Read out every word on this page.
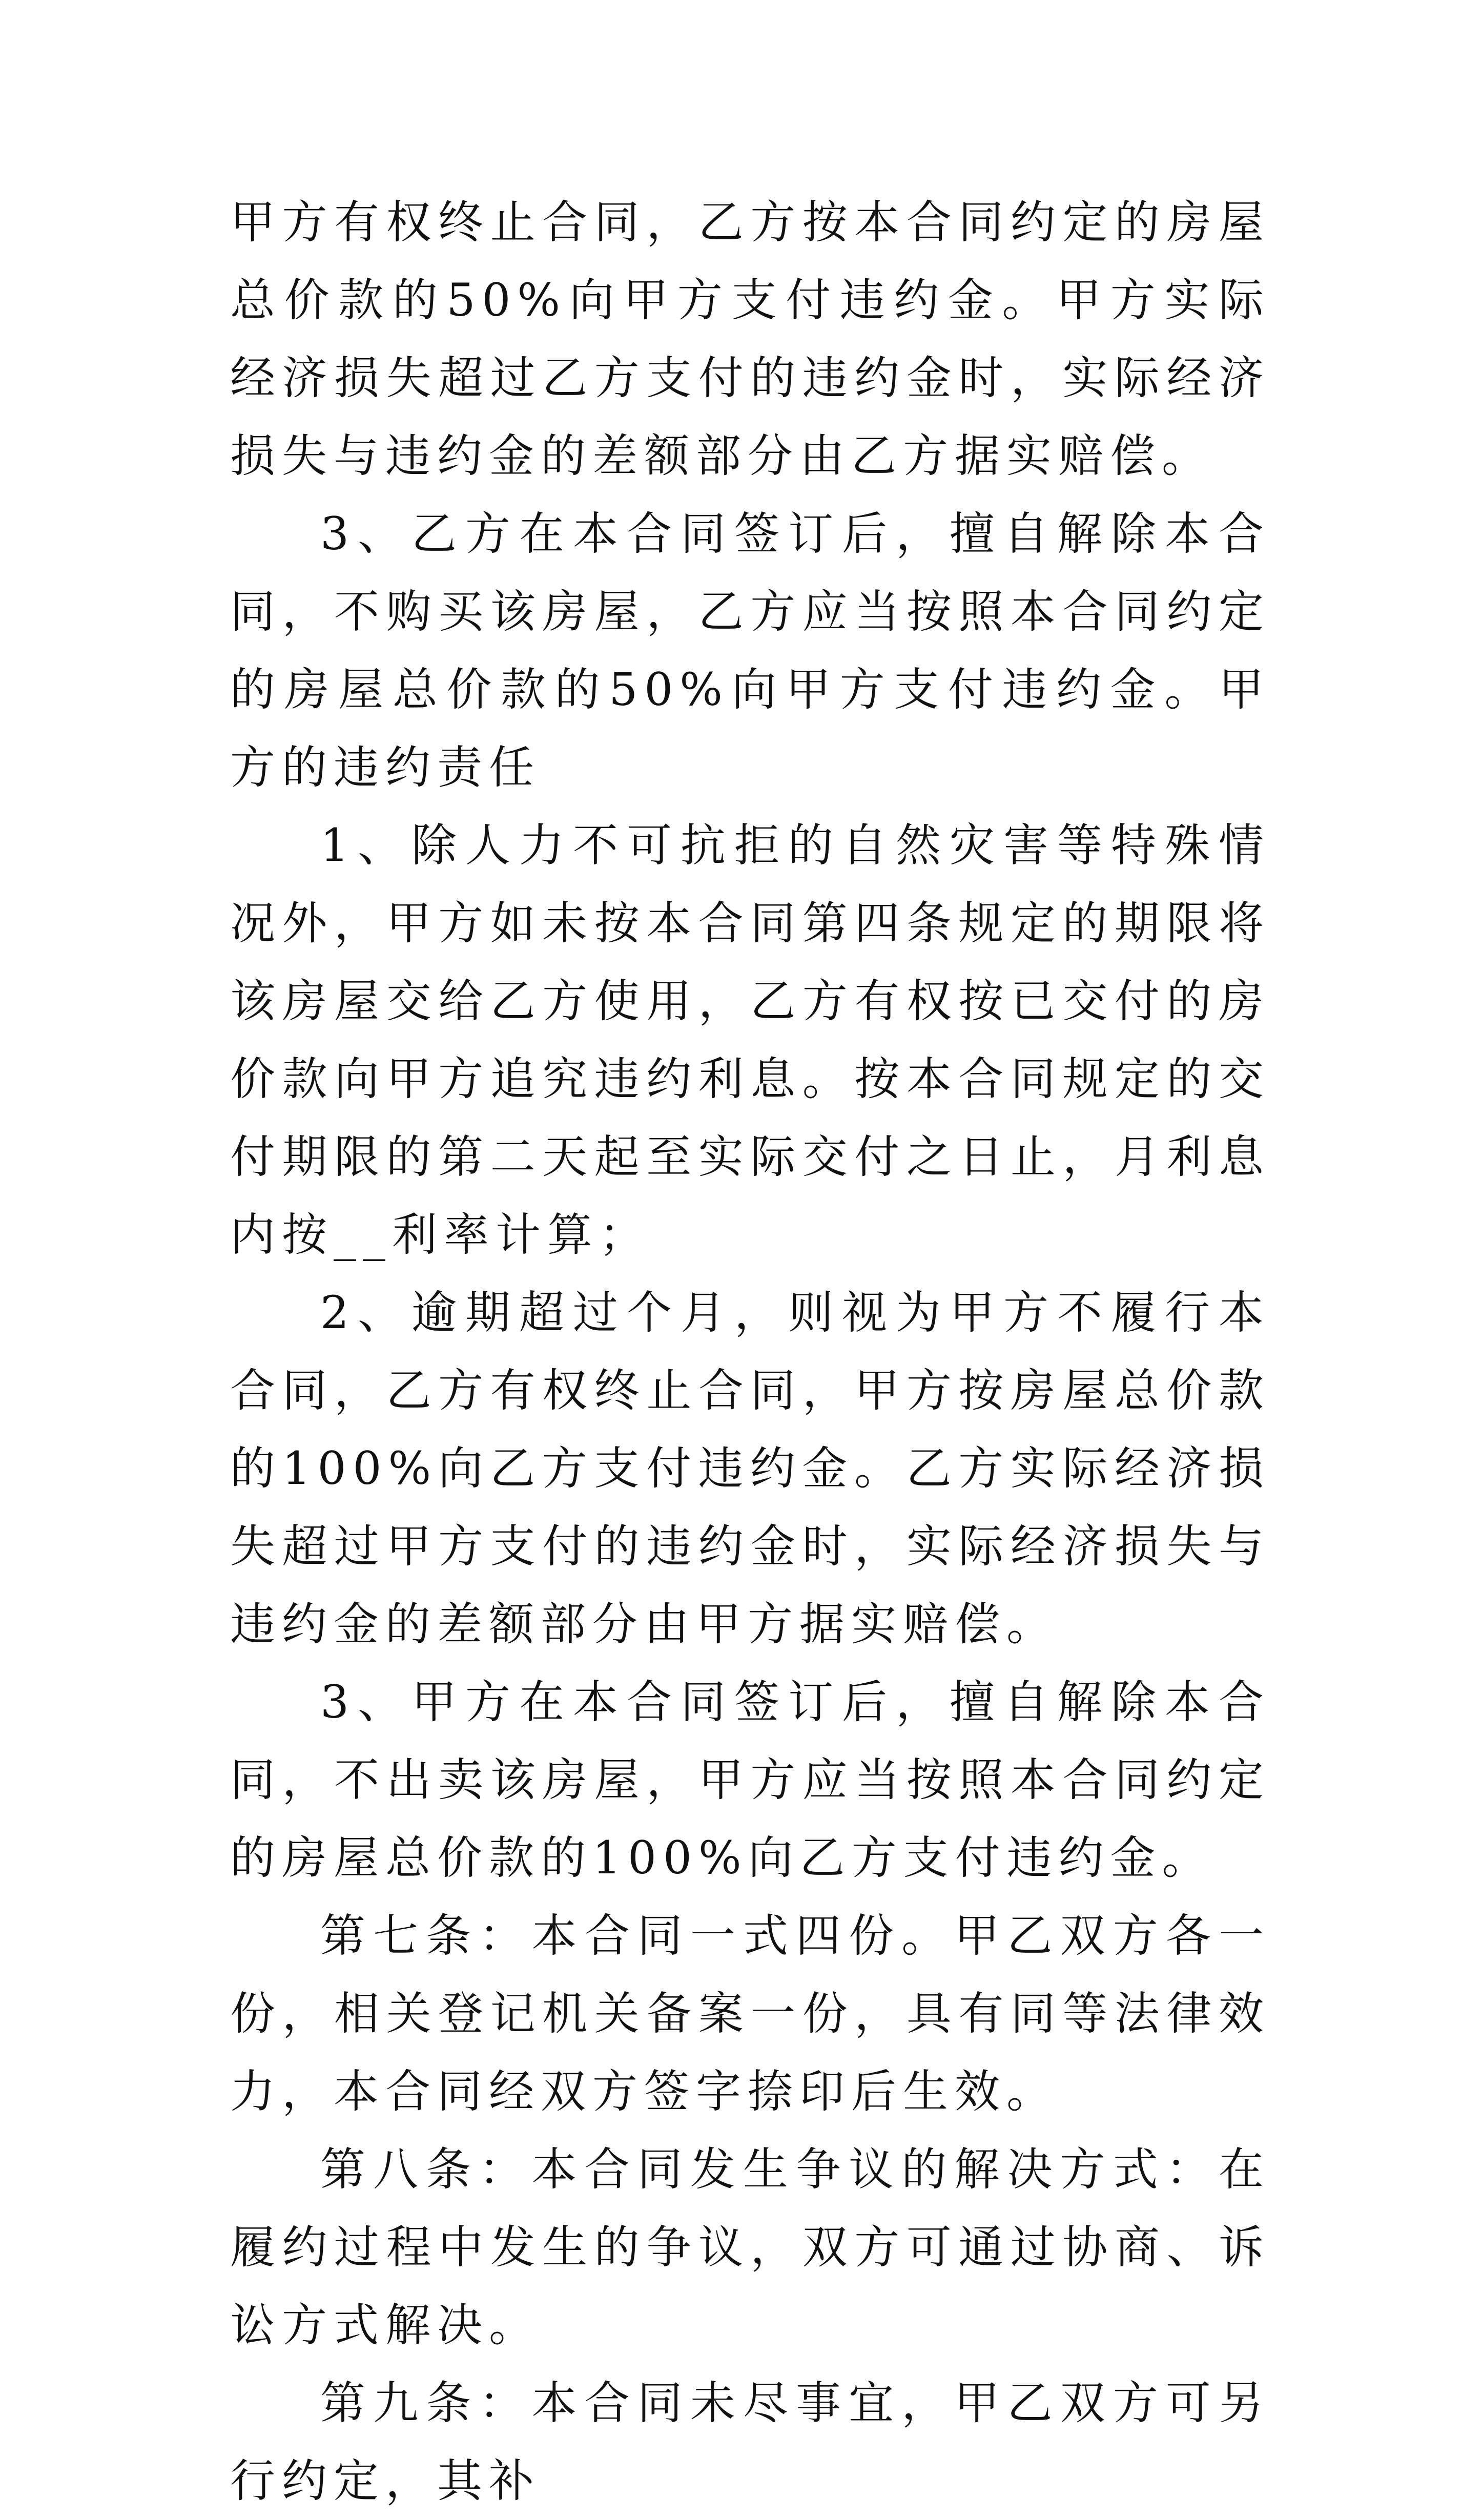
甲方有权终止合同，乙方按本合同约定的房屋总价款的50%向甲方支付违约金。甲方实际经济损失超过乙方支付的违约金时，实际经济损失与违约金的差额部分由乙方据实赔偿。

3、乙方在本合同签订后，擅自解除本合同，不购买该房屋，乙方应当按照本合同约定的房屋总价款的50%向甲方支付违约金。甲方的违约责任

1、除人力不可抗拒的自然灾害等特殊情况外，甲方如未按本合同第四条规定的期限将该房屋交给乙方使用，乙方有权按已交付的房价款向甲方追究违约利息。按本合同规定的交付期限的第二天起至实际交付之日止，月利息内按__利率计算；

2、逾期超过个月，则视为甲方不履行本合同，乙方有权终止合同，甲方按房屋总价款的100%向乙方支付违约金。乙方实际经济损失超过甲方支付的违约金时，实际经济损失与违约金的差额部分由甲方据实赔偿。

3、甲方在本合同签订后，擅自解除本合同，不出卖该房屋，甲方应当按照本合同约定的房屋总价款的100%向乙方支付违约金。

第七条：本合同一式四份。甲乙双方各一份，相关登记机关备案一份，具有同等法律效力，本合同经双方签字捺印后生效。

第八条：本合同发生争议的解决方式：在履约过程中发生的争议，双方可通过协商、诉讼方式解决。

第九条：本合同未尽事宜，甲乙双方可另行约定，其补
